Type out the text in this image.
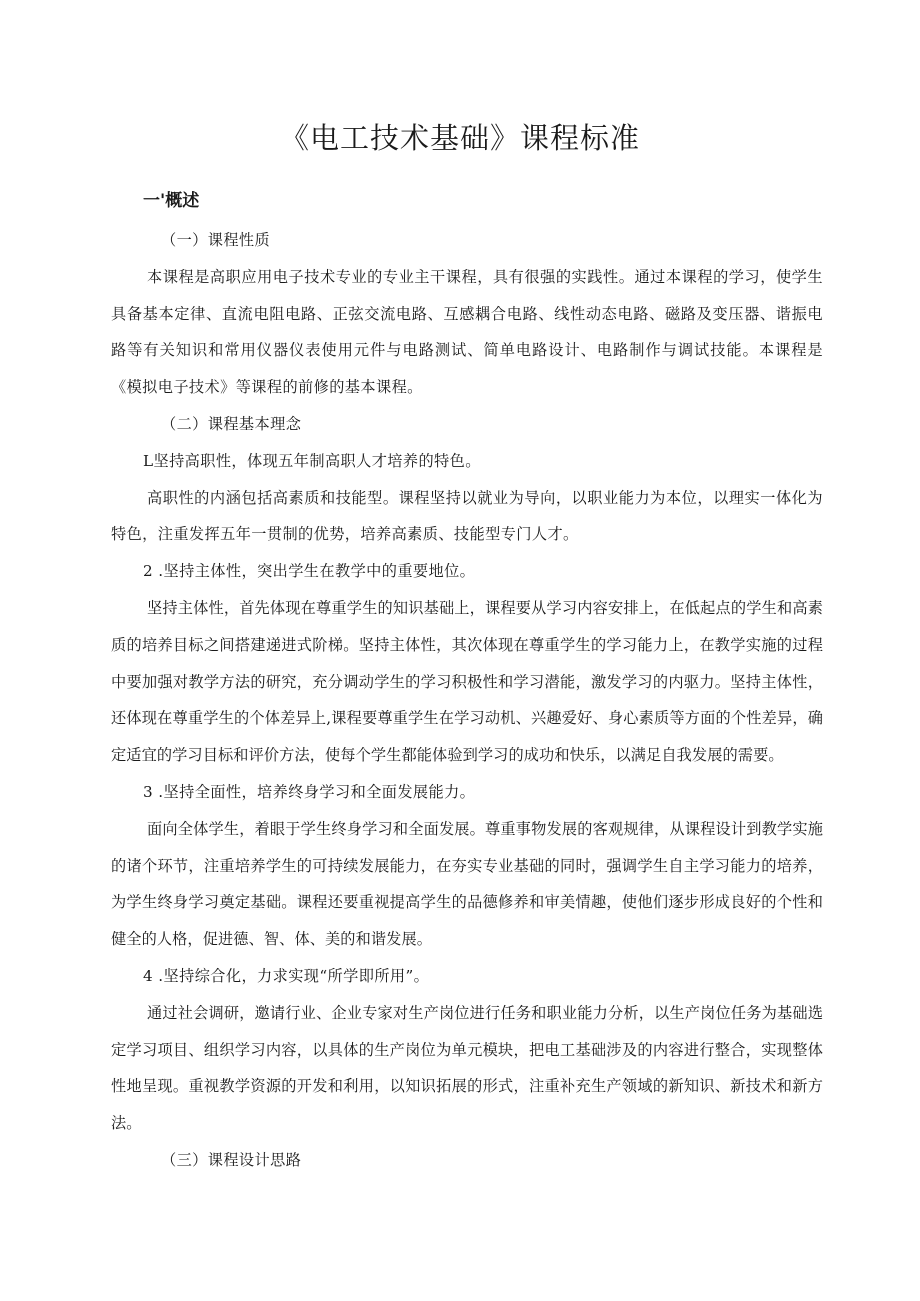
《电工技术基础》课程标准
一'概述

（一）课程性质

本课程是高职应用电子技术专业的专业主干课程，具有很强的实践性。通过本课程的学习，使学生具备基本定律、直流电阻电路、正弦交流电路、互感耦合电路、线性动态电路、磁路及变压器、谐振电路等有关知识和常用仪器仪表使用元件与电路测试、简单电路设计、电路制作与调试技能。本课程是《模拟电子技术》等课程的前修的基本课程。

（二）课程基本理念

L坚持高职性，体现五年制高职人才培养的特色。

高职性的内涵包括高素质和技能型。课程坚持以就业为导向，以职业能力为本位，以理实一体化为特色，注重发挥五年一贯制的优势，培养高素质、技能型专门人才。

2 .坚持主体性，突出学生在教学中的重要地位。

坚持主体性，首先体现在尊重学生的知识基础上，课程要从学习内容安排上，在低起点的学生和高素质的培养目标之间搭建递进式阶梯。坚持主体性，其次体现在尊重学生的学习能力上，在教学实施的过程中要加强对教学方法的研究，充分调动学生的学习积极性和学习潜能，激发学习的内驱力。坚持主体性，还体现在尊重学生的个体差异上,课程要尊重学生在学习动机、兴趣爱好、身心素质等方面的个性差异，确定适宜的学习目标和评价方法，使每个学生都能体验到学习的成功和快乐，以满足自我发展的需要。

3 .坚持全面性，培养终身学习和全面发展能力。

面向全体学生，着眼于学生终身学习和全面发展。尊重事物发展的客观规律，从课程设计到教学实施的诸个环节，注重培养学生的可持续发展能力，在夯实专业基础的同时，强调学生自主学习能力的培养，为学生终身学习奠定基础。课程还要重视提高学生的品德修养和审美情趣，使他们逐步形成良好的个性和健全的人格，促进德、智、体、美的和谐发展。

4 .坚持综合化，力求实现“所学即所用”。

通过社会调研，邀请行业、企业专家对生产岗位进行任务和职业能力分析，以生产岗位任务为基础选定学习项目、组织学习内容，以具体的生产岗位为单元模块，把电工基础涉及的内容进行整合，实现整体性地呈现。重视教学资源的开发和利用，以知识拓展的形式，注重补充生产领域的新知识、新技术和新方法。

（三）课程设计思路
